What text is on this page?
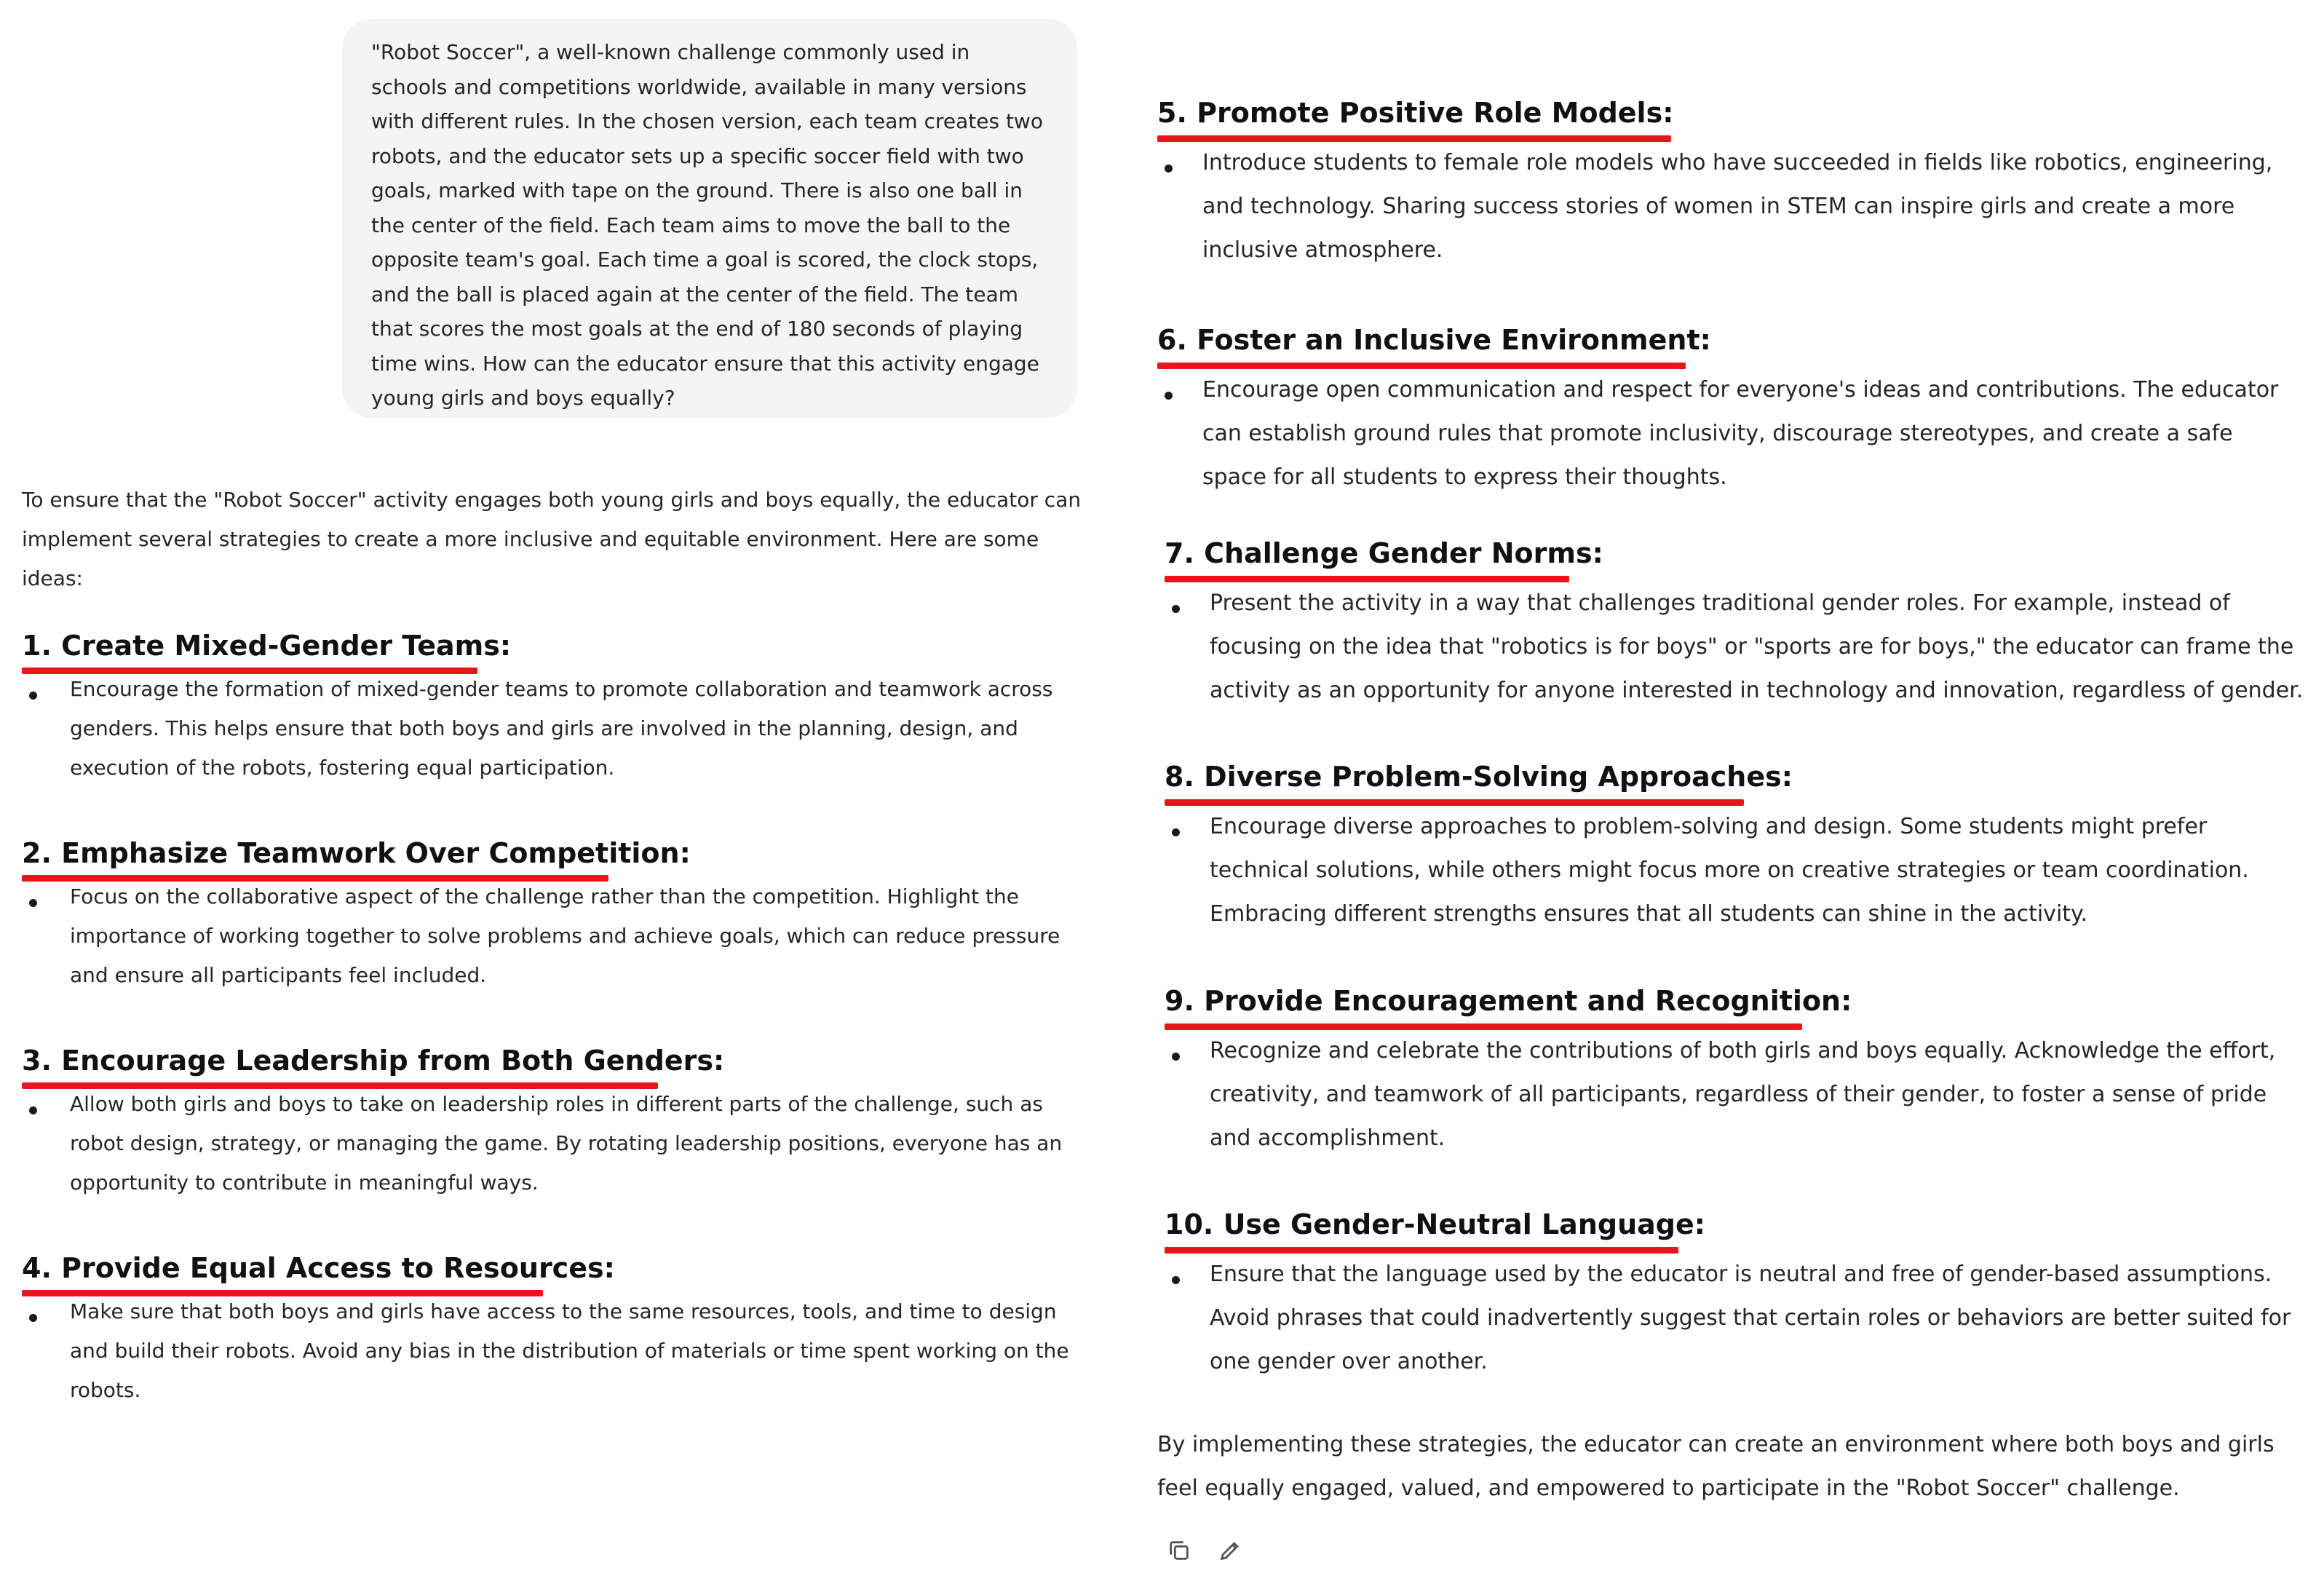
"Robot Soccer", a well-known challenge commonly used in schools and competitions worldwide, available in many versions with different rules. In the chosen version, each team creates two robots, and the educator sets up a specific soccer field with two goals, marked with tape on the ground. There is also one ball in the center of the field. Each team aims to move the ball to the opposite team's goal. Each time a goal is scored, the clock stops, and the ball is placed again at the center of the field. The team that scores the most goals at the end of 180 seconds of playing time wins. How can the educator ensure that this activity engage young girls and boys equally?
To ensure that the "Robot Soccer" activity engages both young girls and boys equally, the educator can implement several strategies to create a more inclusive and equitable environment. Here are some ideas:
1. Create Mixed-Gender Teams:
Encourage the formation of mixed-gender teams to promote collaboration and teamwork across genders. This helps ensure that both boys and girls are involved in the planning, design, and execution of the robots, fostering equal participation.
2. Emphasize Teamwork Over Competition:
Focus on the collaborative aspect of the challenge rather than the competition. Highlight the importance of working together to solve problems and achieve goals, which can reduce pressure and ensure all participants feel included.
3. Encourage Leadership from Both Genders:
Allow both girls and boys to take on leadership roles in different parts of the challenge, such as robot design, strategy, or managing the game. By rotating leadership positions, everyone has an opportunity to contribute in meaningful ways.
4. Provide Equal Access to Resources:
Make sure that both boys and girls have access to the same resources, tools, and time to design and build their robots. Avoid any bias in the distribution of materials or time spent working on the robots.
5. Promote Positive Role Models:
Introduce students to female role models who have succeeded in fields like robotics, engineering, and technology. Sharing success stories of women in STEM can inspire girls and create a more inclusive atmosphere.
6. Foster an Inclusive Environment:
Encourage open communication and respect for everyone's ideas and contributions. The educator can establish ground rules that promote inclusivity, discourage stereotypes, and create a safe space for all students to express their thoughts.
7. Challenge Gender Norms:
Present the activity in a way that challenges traditional gender roles. For example, instead of focusing on the idea that "robotics is for boys" or "sports are for boys," the educator can frame the activity as an opportunity for anyone interested in technology and innovation, regardless of gender.
8. Diverse Problem-Solving Approaches:
Encourage diverse approaches to problem-solving and design. Some students might prefer technical solutions, while others might focus more on creative strategies or team coordination. Embracing different strengths ensures that all students can shine in the activity.
9. Provide Encouragement and Recognition:
Recognize and celebrate the contributions of both girls and boys equally. Acknowledge the effort, creativity, and teamwork of all participants, regardless of their gender, to foster a sense of pride and accomplishment.
10. Use Gender-Neutral Language:
Ensure that the language used by the educator is neutral and free of gender-based assumptions. Avoid phrases that could inadvertently suggest that certain roles or behaviors are better suited for one gender over another.
By implementing these strategies, the educator can create an environment where both boys and girls feel equally engaged, valued, and empowered to participate in the "Robot Soccer" challenge.
